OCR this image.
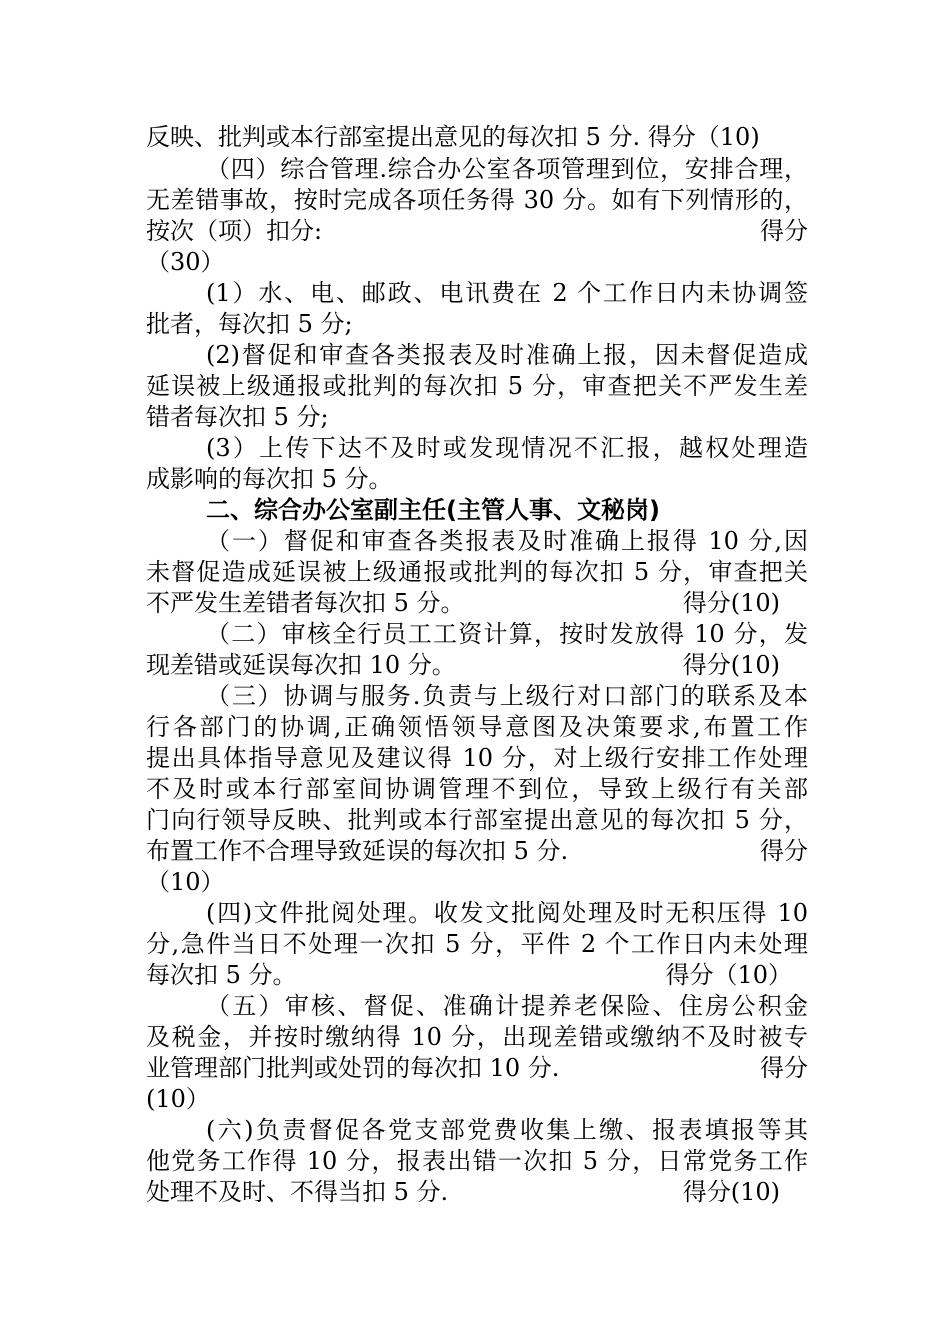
反映、批判或本行部室提出意见的每次扣 5 分. 得分（10)
（四）综合管理.综合办公室各项管理到位，安排合理，
无差错事故，按时完成各项任务得 30 分。如有下列情形的，
按次（项）扣分:	得分
（30）
(1）水、电、邮政、电讯费在 2 个工作日内未协调签
批者，每次扣 5 分;
(2)督促和审查各类报表及时准确上报，因未督促造成
延误被上级通报或批判的每次扣 5 分，审查把关不严发生差
错者每次扣 5 分;
(3）上传下达不及时或发现情况不汇报，越权处理造
成影响的每次扣 5 分。
二、综合办公室副主任(主管人事、文秘岗)
（一）督促和审查各类报表及时准确上报得 10 分,因
未督促造成延误被上级通报或批判的每次扣 5 分，审查把关
不严发生差错者每次扣 5 分。	得分(10)
（二）审核全行员工工资计算，按时发放得 10 分，发
现差错或延误每次扣 10 分。	得分(10)
（三）协调与服务.负责与上级行对口部门的联系及本
行各部门的协调,正确领悟领导意图及决策要求,布置工作
提出具体指导意见及建议得 10 分，对上级行安排工作处理
不及时或本行部室间协调管理不到位，导致上级行有关部
门向行领导反映、批判或本行部室提出意见的每次扣 5 分，
布置工作不合理导致延误的每次扣 5 分.	得分
（10）
(四)文件批阅处理。收发文批阅处理及时无积压得 10
分,急件当日不处理一次扣 5 分，平件 2 个工作日内未处理
每次扣 5 分。	得分（10）
（五）审核、督促、准确计提养老保险、住房公积金
及税金，并按时缴纳得 10 分，出现差错或缴纳不及时被专
业管理部门批判或处罚的每次扣 10 分.	得分
(10）
(六)负责督促各党支部党费收集上缴、报表填报等其
他党务工作得 10 分，报表出错一次扣 5 分，日常党务工作
处理不及时、不得当扣 5 分.	得分(10)
